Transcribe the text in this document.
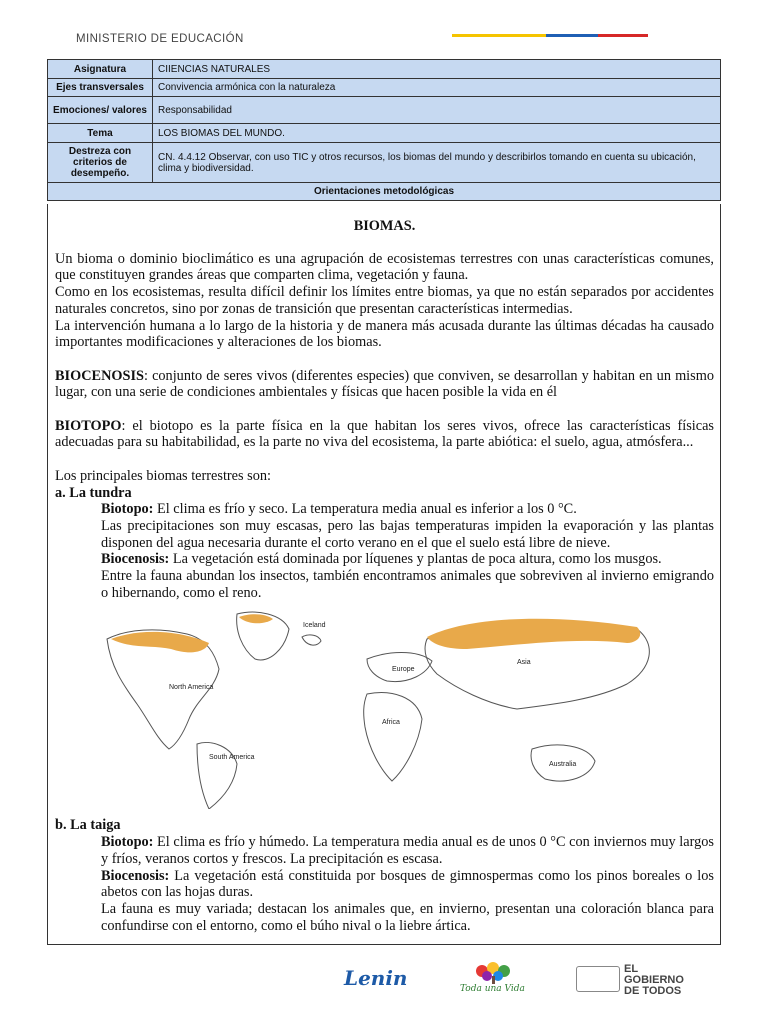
MINISTERIO DE EDUCACIÓN
Asignatura	CIIENCIAS NATURALES
Ejes transversales	Convivencia armónica con la naturaleza
Emociones/ valores	Responsabilidad
Tema	LOS BIOMAS DEL MUNDO.
Destreza con criterios de desempeño.	CN. 4.4.12 Observar, con uso TIC y otros recursos, los biomas del mundo y describirlos tomando en cuenta su ubicación, clima y biodiversidad.
Orientaciones metodológicas	

BIOMAS.

Un bioma o dominio bioclimático es una agrupación de ecosistemas terrestres con unas características comunes, que constituyen grandes áreas que comparten clima, vegetación y fauna.

Como en los ecosistemas, resulta difícil definir los límites entre biomas, ya que no están separados por accidentes naturales concretos, sino por zonas de transición que presentan características intermedias.

La intervención humana a lo largo de la historia y de manera más acusada durante las últimas décadas ha causado importantes modificaciones y alteraciones de los biomas.

BIOCENOSIS: conjunto de seres vivos (diferentes especies) que conviven, se desarrollan y habitan en un mismo lugar, con una serie de condiciones ambientales y físicas que hacen posible la vida en él

BIOTOPO: el biotopo es la parte física en la que habitan los seres vivos, ofrece las características físicas adecuadas para su habitabilidad, es la parte no viva del ecosistema, la parte abiótica: el suelo, agua, atmósfera...

Los principales biomas terrestres son:

a. La tundra

Biotopo: El clima es frío y seco. La temperatura media anual es inferior a los 0 °C.

Las precipitaciones son muy escasas, pero las bajas temperaturas impiden la evaporación y las plantas disponen del agua necesaria durante el corto verano en el que el suelo está libre de nieve.

Biocenosis: La vegetación está dominada por líquenes y plantas de poca altura, como los musgos.

Entre la fauna abundan los insectos, también encontramos animales que sobreviven al invierno emigrando o hibernando, como el reno.

Iceland
North America
South America
Europe
Asia
Africa
Australia

b. La taiga

Biotopo: El clima es frío y húmedo. La temperatura media anual es de unos 0 °C con inviernos muy largos y fríos, veranos cortos y frescos. La precipitación es escasa.

Biocenosis: La vegetación está constituida por bosques de gimnospermas como los pinos boreales o los abetos con las hojas duras.

La fauna es muy variada; destacan los animales que, en invierno, presentan una coloración blanca para confundirse con el entorno, como el búho nival o la liebre ártica.

Lenin	Toda una Vida
EL
GOBIERNO
DE TODOS
